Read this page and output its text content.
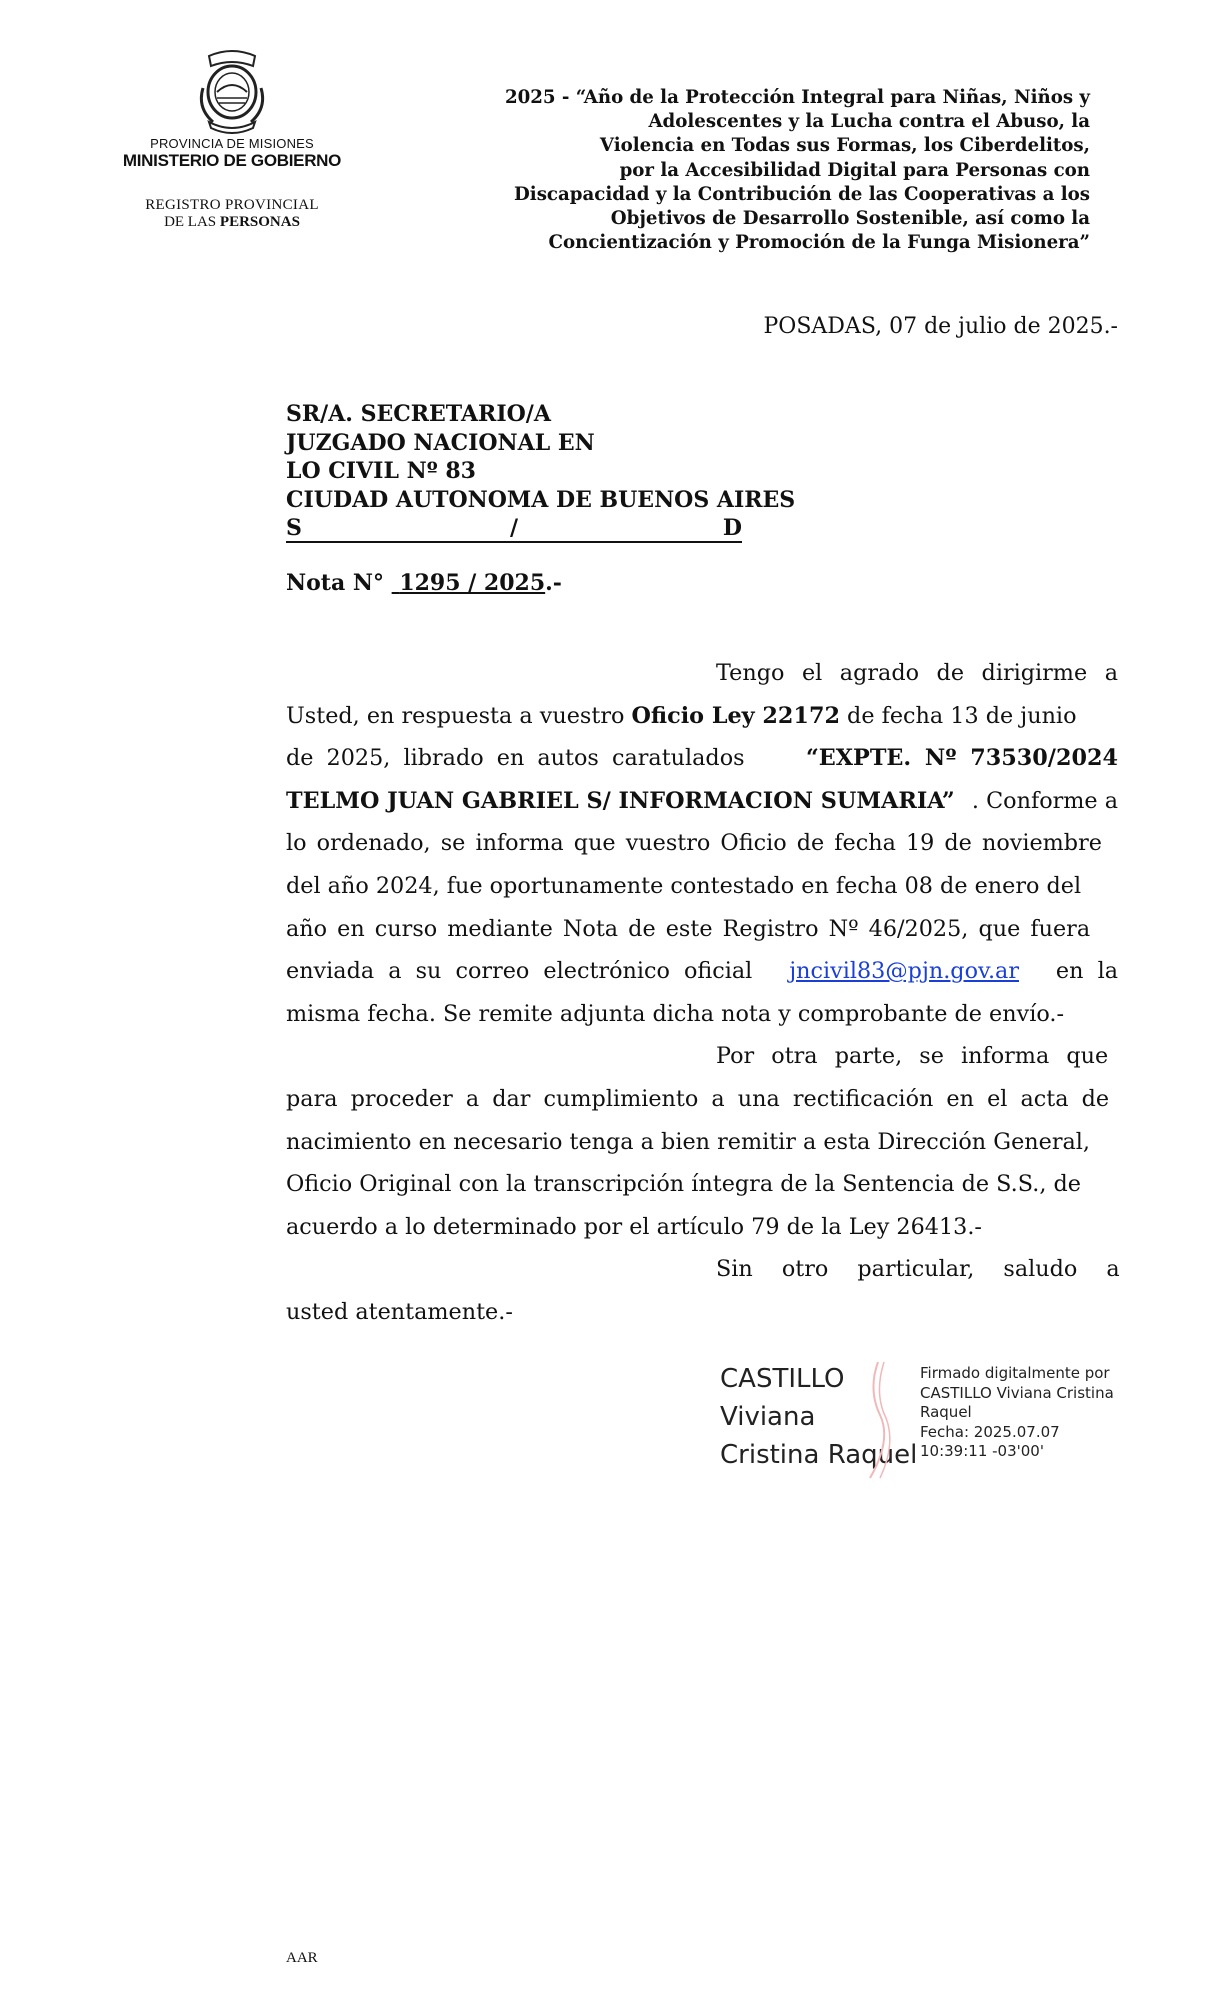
PROVINCIA DE MISIONES
MINISTERIO DE GOBIERNO
REGISTRO PROVINCIAL
DE LAS PERSONAS
2025 - “Año de la Protección Integral para Niñas, Niños y
Adolescentes y la Lucha contra el Abuso, la
Violencia en Todas sus Formas, los Ciberdelitos,
por la Accesibilidad Digital para Personas con
Discapacidad y la Contribución de las Cooperativas a los
Objetivos de Desarrollo Sostenible, así como la
Concientización y Promoción de la Funga Misionera”
POSADAS, 07 de julio de 2025.-
SR/A. SECRETARIO/A
JUZGADO NACIONAL EN
LO CIVIL Nº 83
CIUDAD AUTONOMA DE BUENOS AIRES
S	/	D
Nota N° 1295 / 2025.-
Tengo el agrado de dirigirme a
Usted, en respuesta a vuestro Oficio Ley 22172 de fecha 13 de junio
de 2025, librado en autos caratulados	“EXPTE. Nº 73530/2024
TELMO JUAN GABRIEL S/ INFORMACION SUMARIA” . Conforme a
lo ordenado, se informa que vuestro Oficio de fecha 19 de noviembre
del año 2024, fue oportunamente contestado en fecha 08 de enero del
año en curso mediante Nota de este Registro Nº 46/2025, que fuera
enviada a su correo electrónico oficial jncivil83@pjn.gov.ar en la
misma fecha. Se remite adjunta dicha nota y comprobante de envío.-
Por otra parte, se informa que
para proceder a dar cumplimiento a una rectificación en el acta de
nacimiento en necesario tenga a bien remitir a esta Dirección General,
Oficio Original con la transcripción íntegra de la Sentencia de S.S., de
acuerdo a lo determinado por el artículo 79 de la Ley 26413.-
Sin otro particular, saludo a
usted atentamente.-
CASTILLO
Viviana
Cristina Raquel
Firmado digitalmente por
CASTILLO Viviana Cristina
Raquel
Fecha: 2025.07.07
10:39:11 -03'00'
AAR
